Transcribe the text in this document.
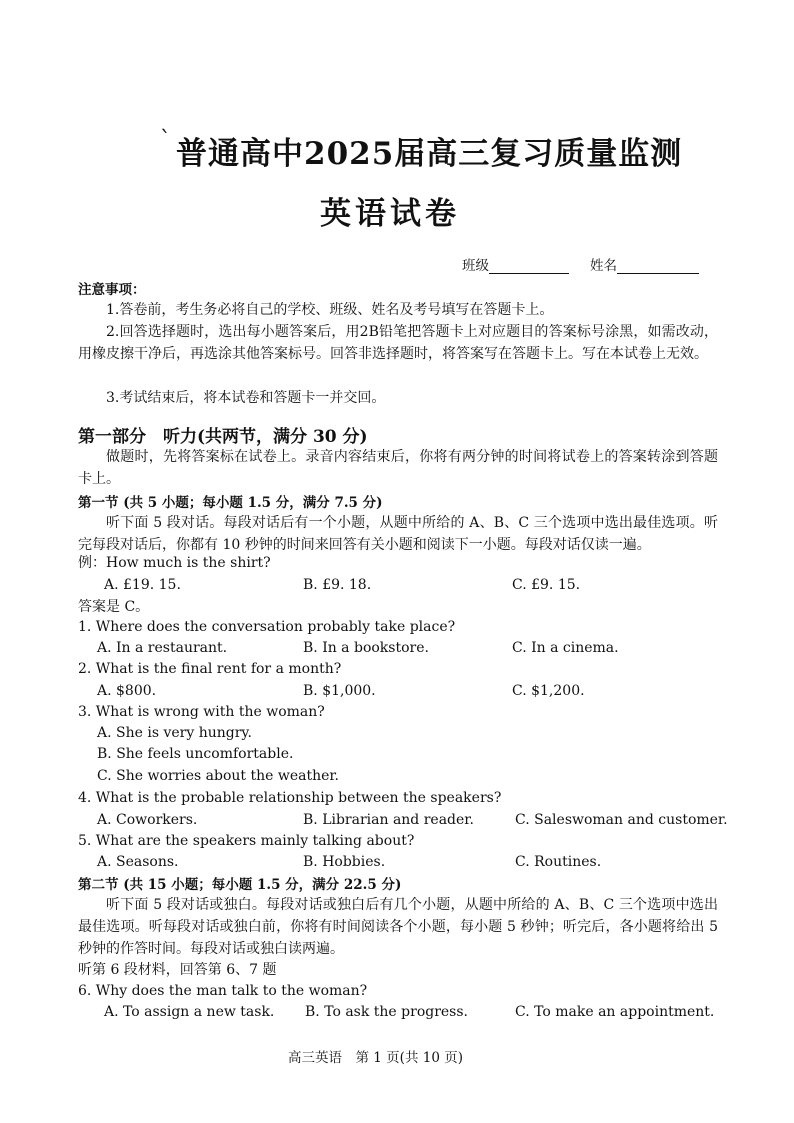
` 普通高中2025届高三复习质量监测
英语试卷
班级	姓名
注意事项：
1.答卷前，考生务必将自己的学校、班级、姓名及考号填写在答题卡上。
2.回答选择题时，选出每小题答案后，用2B铅笔把答题卡上对应题目的答案标号涂黑，如需改动，用橡皮擦干净后，再选涂其他答案标号。回答非选择题时，将答案写在答题卡上。写在本试卷上无效。
3.考试结束后，将本试卷和答题卡一并交回。
第一部分　听力(共两节，满分 30 分)
做题时，先将答案标在试卷上。录音内容结束后，你将有两分钟的时间将试卷上的答案转涂到答题卡上。
第一节 (共 5 小题；每小题 1.5 分，满分 7.5 分)
听下面 5 段对话。每段对话后有一个小题，从题中所给的 A、B、C 三个选项中选出最佳选项。听完每段对话后，你都有 10 秒钟的时间来回答有关小题和阅读下一小题。每段对话仅读一遍。
例：How much is the shirt?
A. £19. 15.	B. £9. 18.	C. £9. 15.
答案是 C。
1. Where does the conversation probably take place?
A. In a restaurant.	B. In a bookstore.	C. In a cinema.
2. What is the final rent for a month?
A. $800.	B. $1,000.	C. $1,200.
3. What is wrong with the woman?
A. She is very hungry.
B. She feels uncomfortable.
C. She worries about the weather.
4. What is the probable relationship between the speakers?
A. Coworkers.	B. Librarian and reader.	C. Saleswoman and customer.
5. What are the speakers mainly talking about?
A. Seasons.	B. Hobbies.	C. Routines.
第二节 (共 15 小题；每小题 1.5 分，满分 22.5 分)
听下面 5 段对话或独白。每段对话或独白后有几个小题，从题中所给的 A、B、C 三个选项中选出最佳选项。听每段对话或独白前，你将有时间阅读各个小题，每小题 5 秒钟；听完后，各小题将给出 5 秒钟的作答时间。每段对话或独白读两遍。
听第 6 段材料，回答第 6、7 题
6. Why does the man talk to the woman?
A. To assign a new task. B. To ask the progress.	C. To make an appointment.
高三英语　第 1 页(共 10 页)
